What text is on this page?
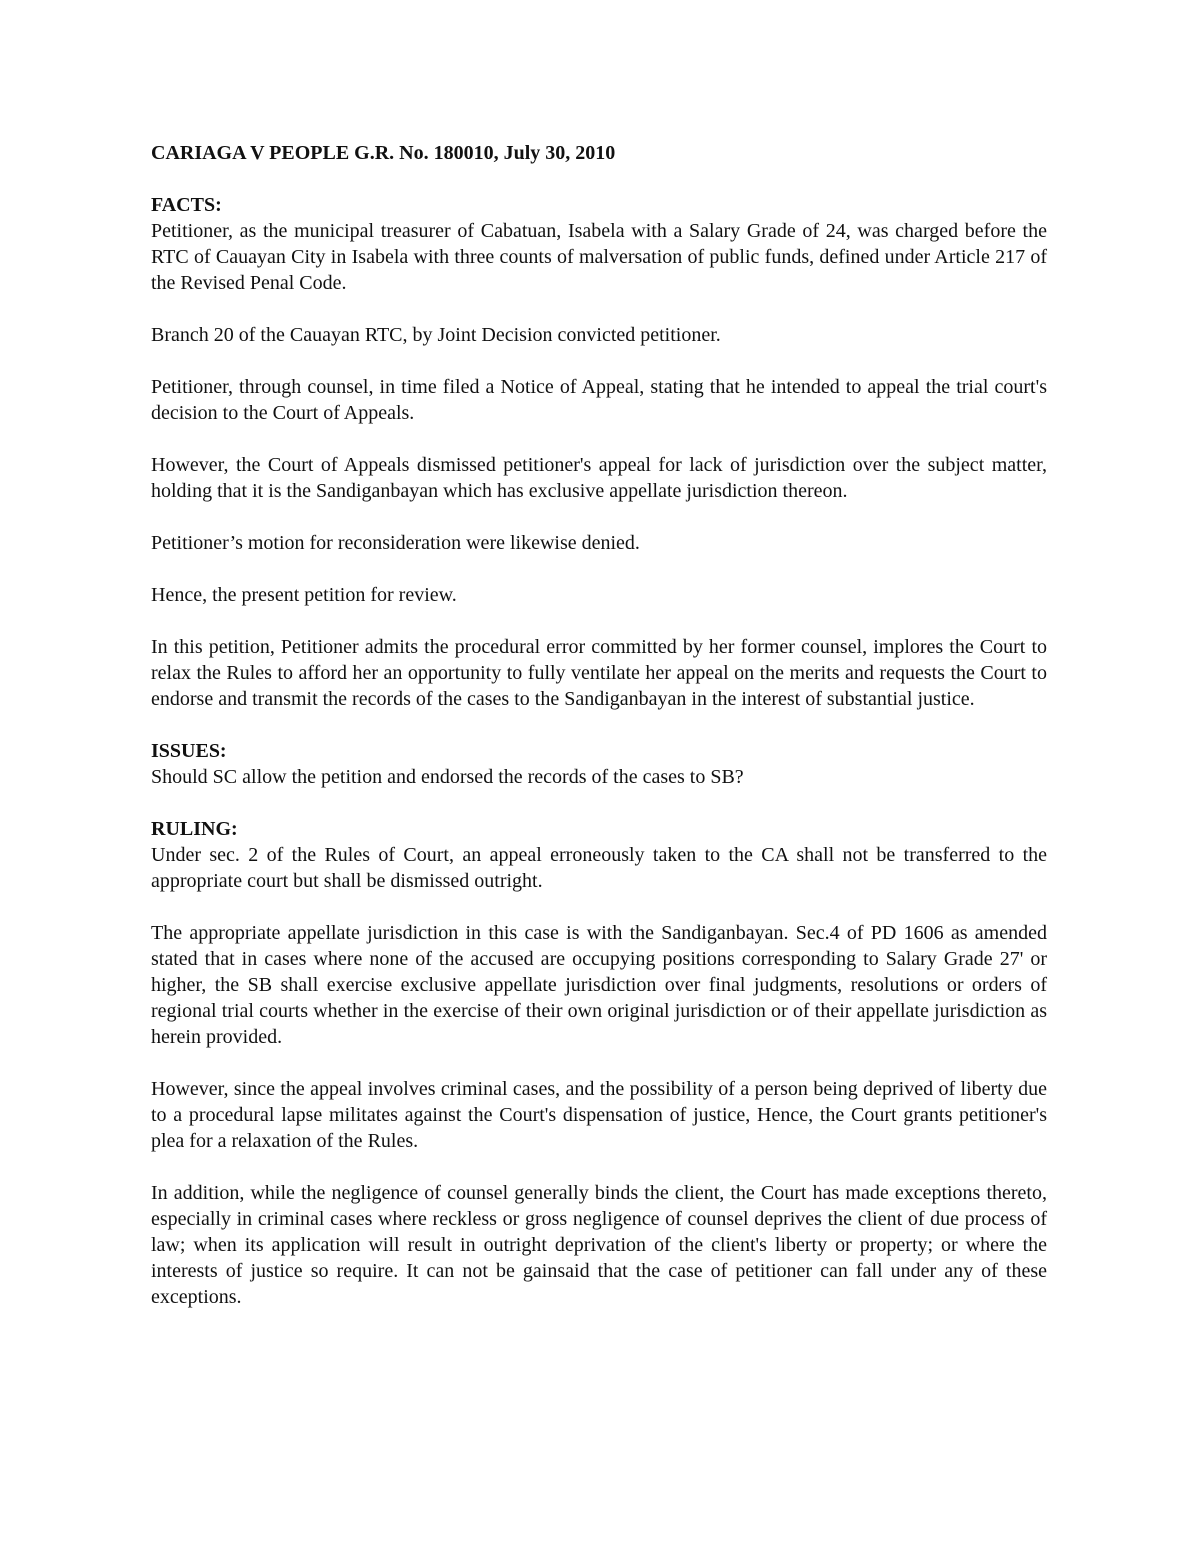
CARIAGA V PEOPLE G.R. No. 180010, July 30, 2010
FACTS:

Petitioner, as the municipal treasurer of Cabatuan, Isabela with a Salary Grade of 24, was charged before the RTC of Cauayan City in Isabela with three counts of malversation of public funds, defined under Article 217 of the Revised Penal Code.

Branch 20 of the Cauayan RTC, by Joint Decision convicted petitioner.

Petitioner, through counsel, in time filed a Notice of Appeal, stating that he intended to appeal the trial court's decision to the Court of Appeals.

However, the Court of Appeals dismissed petitioner's appeal for lack of jurisdiction over the subject matter, holding that it is the Sandiganbayan which has exclusive appellate jurisdiction thereon.

Petitioner’s motion for reconsideration were likewise denied.

Hence, the present petition for review.

In this petition, Petitioner admits the procedural error committed by her former counsel, implores the Court to relax the Rules to afford her an opportunity to fully ventilate her appeal on the merits and requests the Court to endorse and transmit the records of the cases to the Sandiganbayan in the interest of substantial justice.

ISSUES:

Should SC allow the petition and endorsed the records of the cases to SB?

RULING:

Under sec. 2 of the Rules of Court, an appeal erroneously taken to the CA shall not be transferred to the appropriate court but shall be dismissed outright.

The appropriate appellate jurisdiction in this case is with the Sandiganbayan. Sec.4 of PD 1606 as amended stated that in cases where none of the accused are occupying positions corresponding to Salary Grade 27' or higher, the SB shall exercise exclusive appellate jurisdiction over final judgments, resolutions or orders of regional trial courts whether in the exercise of their own original jurisdiction or of their appellate jurisdiction as herein provided.

However, since the appeal involves criminal cases, and the possibility of a person being deprived of liberty due to a procedural lapse militates against the Court's dispensation of justice, Hence, the Court grants petitioner's plea for a relaxation of the Rules.

In addition, while the negligence of counsel generally binds the client, the Court has made exceptions thereto, especially in criminal cases where reckless or gross negligence of counsel deprives the client of due process of law; when its application will result in outright deprivation of the client's liberty or property; or where the interests of justice so require. It can not be gainsaid that the case of petitioner can fall under any of these exceptions.
